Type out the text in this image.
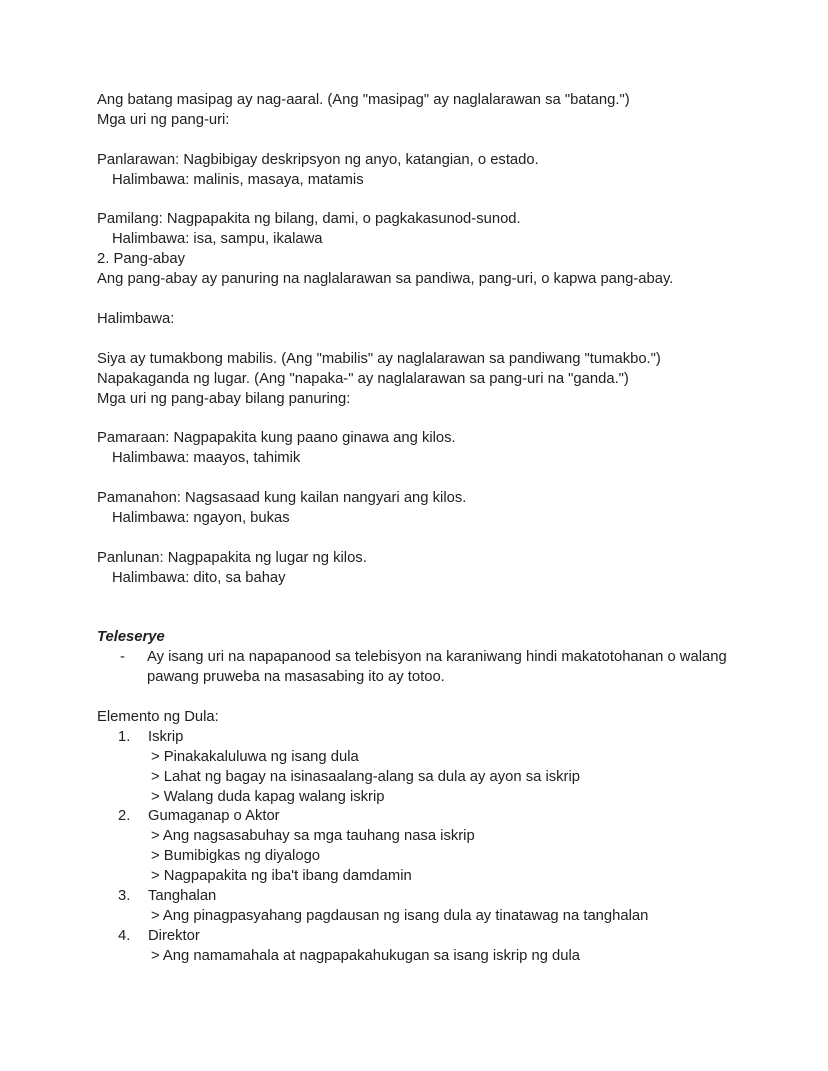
Ang batang masipag ay nag-aaral. (Ang "masipag" ay naglalarawan sa "batang.")
Mga uri ng pang-uri:
Panlarawan: Nagbibigay deskripsyon ng anyo, katangian, o estado.
Halimbawa: malinis, masaya, matamis
Pamilang: Nagpapakita ng bilang, dami, o pagkakasunod-sunod.
Halimbawa: isa, sampu, ikalawa
2. Pang-abay
Ang pang-abay ay panuring na naglalarawan sa pandiwa, pang-uri, o kapwa pang-abay.
Halimbawa:
Siya ay tumakbong mabilis. (Ang "mabilis" ay naglalarawan sa pandiwang "tumakbo.")
Napakaganda ng lugar. (Ang "napaka-" ay naglalarawan sa pang-uri na "ganda.")
Mga uri ng pang-abay bilang panuring:
Pamaraan: Nagpapakita kung paano ginawa ang kilos.
Halimbawa: maayos, tahimik
Pamanahon: Nagsasaad kung kailan nangyari ang kilos.
Halimbawa: ngayon, bukas
Panlunan: Nagpapakita ng lugar ng kilos.
Halimbawa: dito, sa bahay
Teleserye
- Ay isang uri na napapanood sa telebisyon na karaniwang hindi makatotohanan o walang pawang pruweba na masasabing ito ay totoo.
Elemento ng Dula:
1. Iskrip
> Pinakakaluluwa ng isang dula
> Lahat ng bagay na isinasaalang-alang sa dula ay ayon sa iskrip
> Walang duda kapag walang iskrip
2. Gumaganap o Aktor
> Ang nagsasabuhay sa mga tauhang nasa iskrip
> Bumibigkas ng diyalogo
> Nagpapakita ng iba't ibang damdamin
3. Tanghalan
> Ang pinagpasyahang pagdausan ng isang dula ay tinatawag na tanghalan
4. Direktor
> Ang namamahala at nagpapakahukugan sa isang iskrip ng dula
